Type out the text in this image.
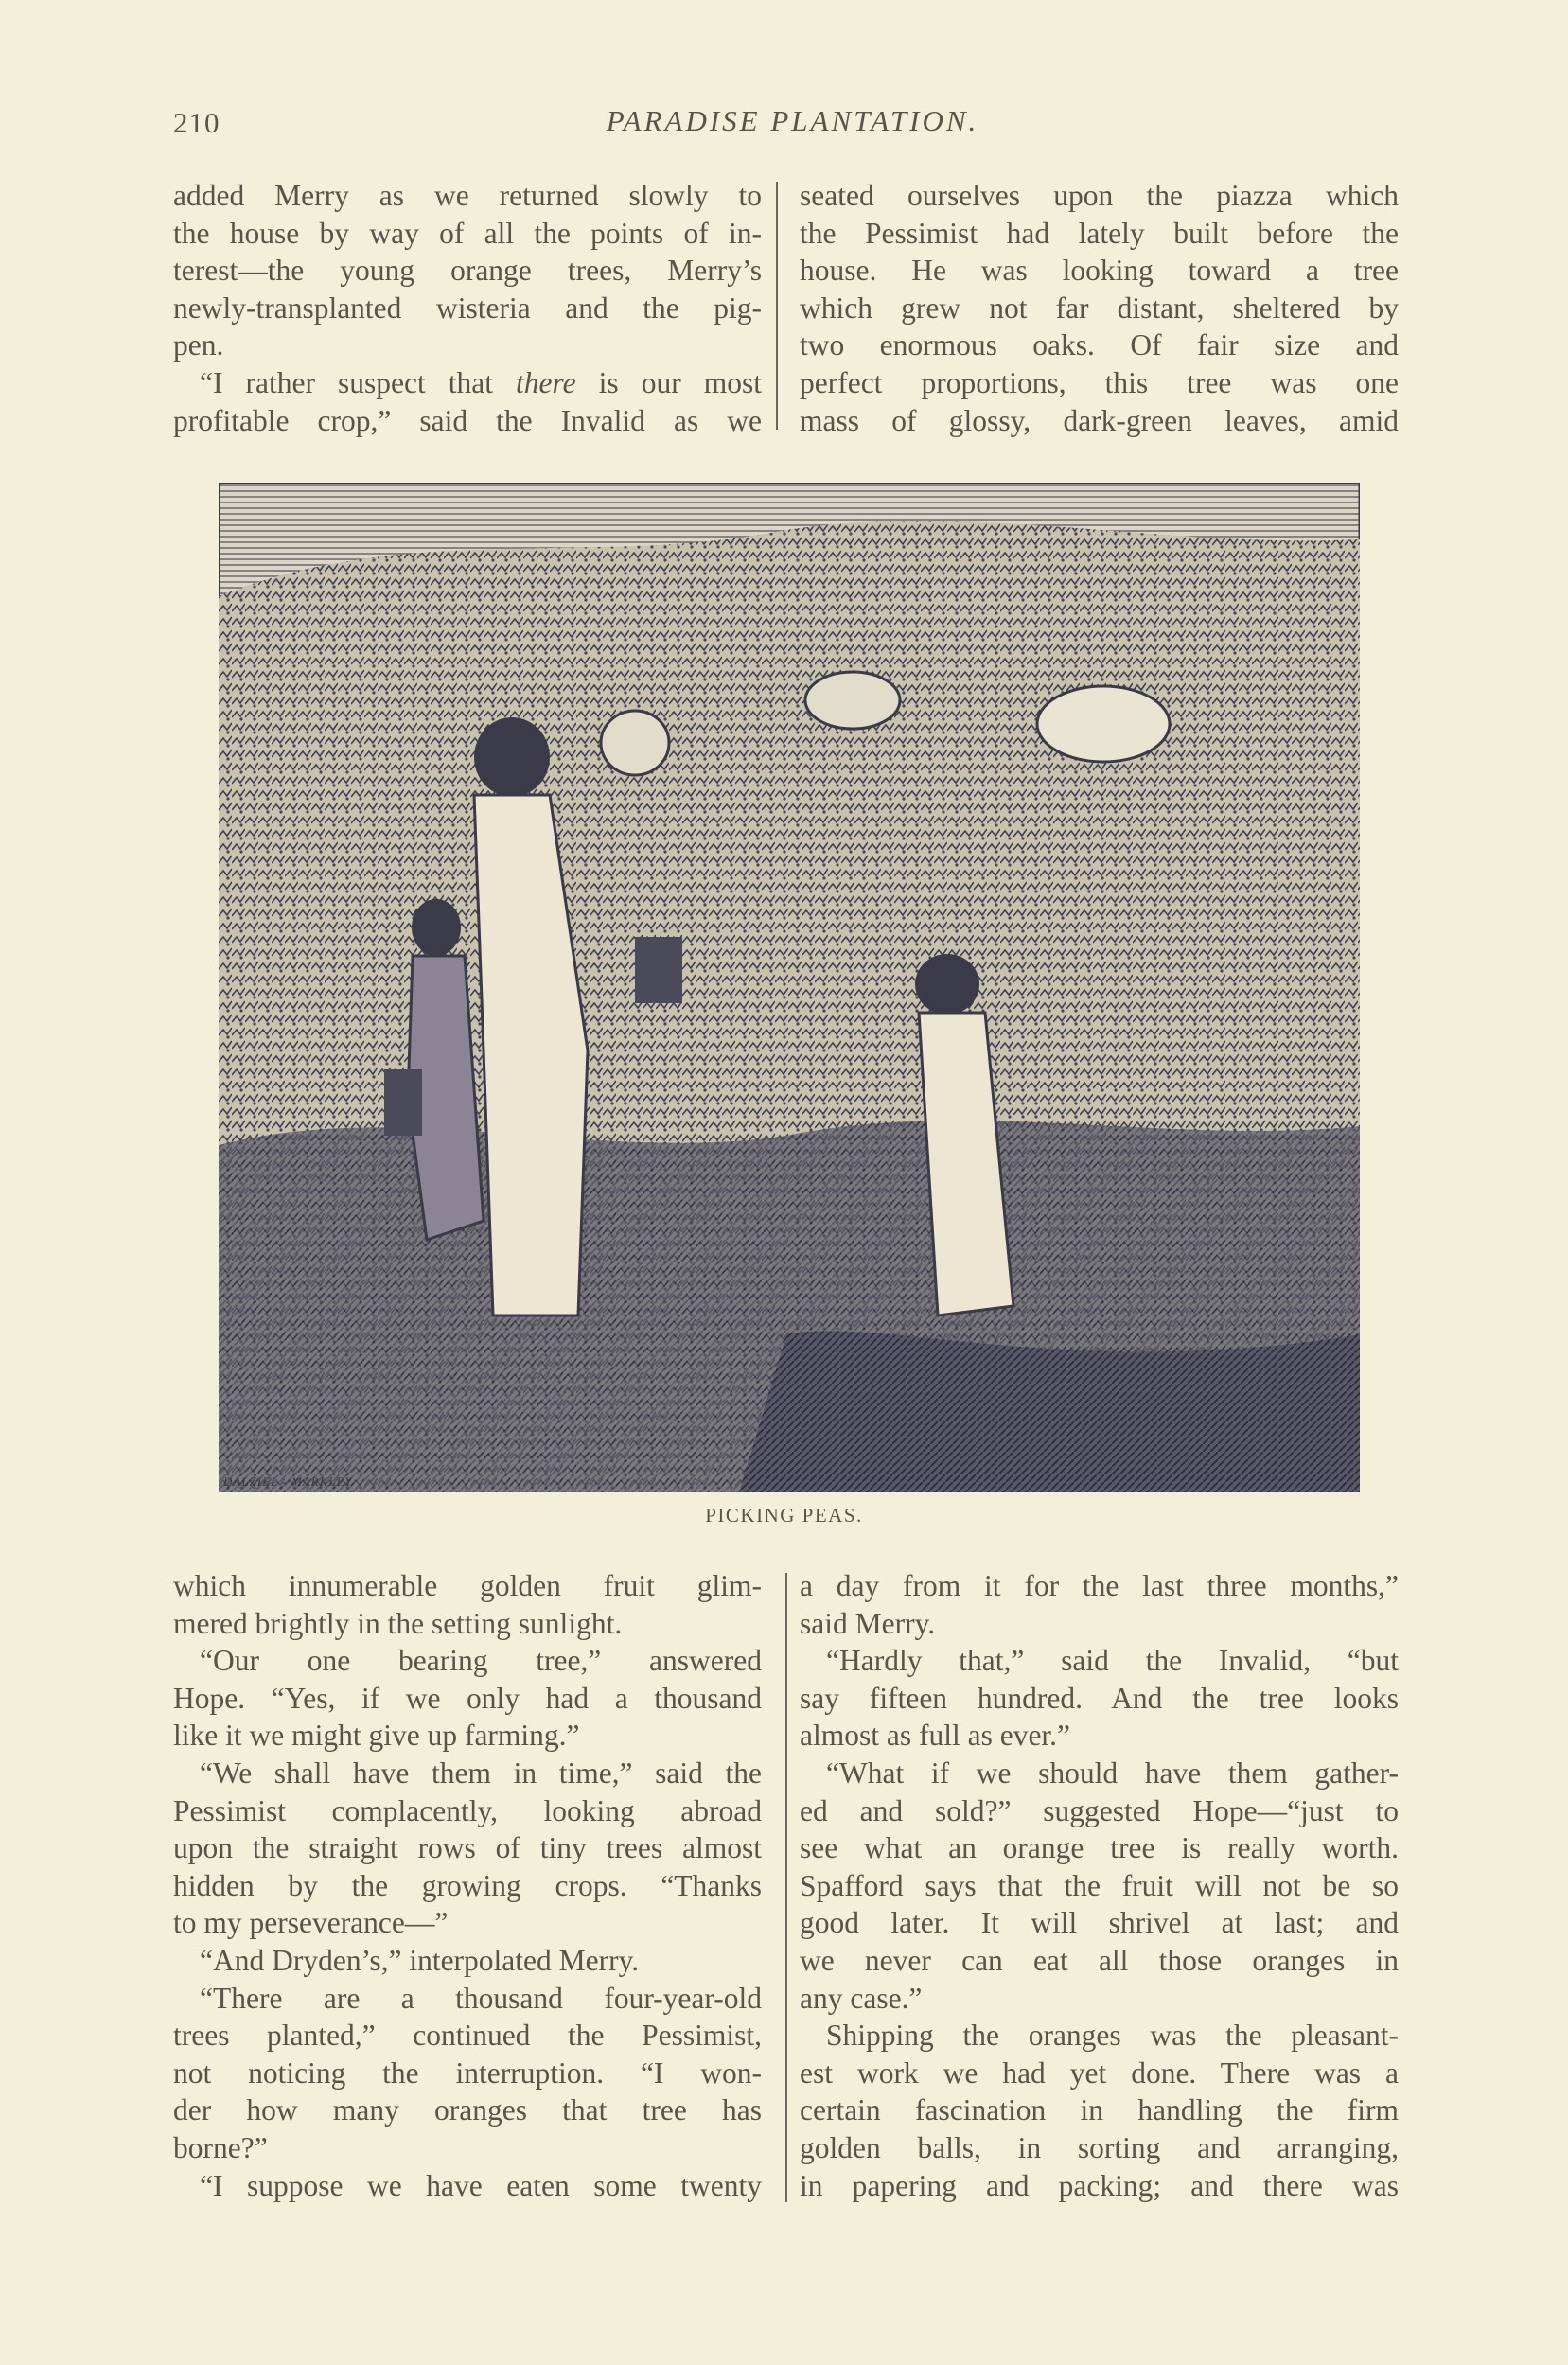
210	PARADISE PLANTATION.
added Merry as we returned slowly to
the house by way of all the points of in-
terest—the young orange trees, Merry’s
newly-transplanted wisteria and the pig-
pen.
“I rather suspect that there is our most
profitable crop,” said the Invalid as we
seated ourselves upon the piazza which
the Pessimist had lately built before the
house. He was looking toward a tree
which grew not far distant, sheltered by
two enormous oaks. Of fair size and
perfect proportions, this tree was one
mass of glossy, dark-green leaves, amid
DALZIEL - MARKLEY
PICKING PEAS.
which innumerable golden fruit glim-
mered brightly in the setting sunlight.
“Our one bearing tree,” answered
Hope. “Yes, if we only had a thousand
like it we might give up farming.”
“We shall have them in time,” said the
Pessimist complacently, looking abroad
upon the straight rows of tiny trees almost
hidden by the growing crops. “Thanks
to my perseverance—”
“And Dryden’s,” interpolated Merry.
“There are a thousand four-year-old
trees planted,” continued the Pessimist,
not noticing the interruption. “I won-
der how many oranges that tree has
borne?”
“I suppose we have eaten some twenty
a day from it for the last three months,”
said Merry.
“Hardly that,” said the Invalid, “but
say fifteen hundred. And the tree looks
almost as full as ever.”
“What if we should have them gather-
ed and sold?” suggested Hope—“just to
see what an orange tree is really worth.
Spafford says that the fruit will not be so
good later. It will shrivel at last; and
we never can eat all those oranges in
any case.”
Shipping the oranges was the pleasant-
est work we had yet done. There was a
certain fascination in handling the firm
golden balls, in sorting and arranging,
in papering and packing; and there was
